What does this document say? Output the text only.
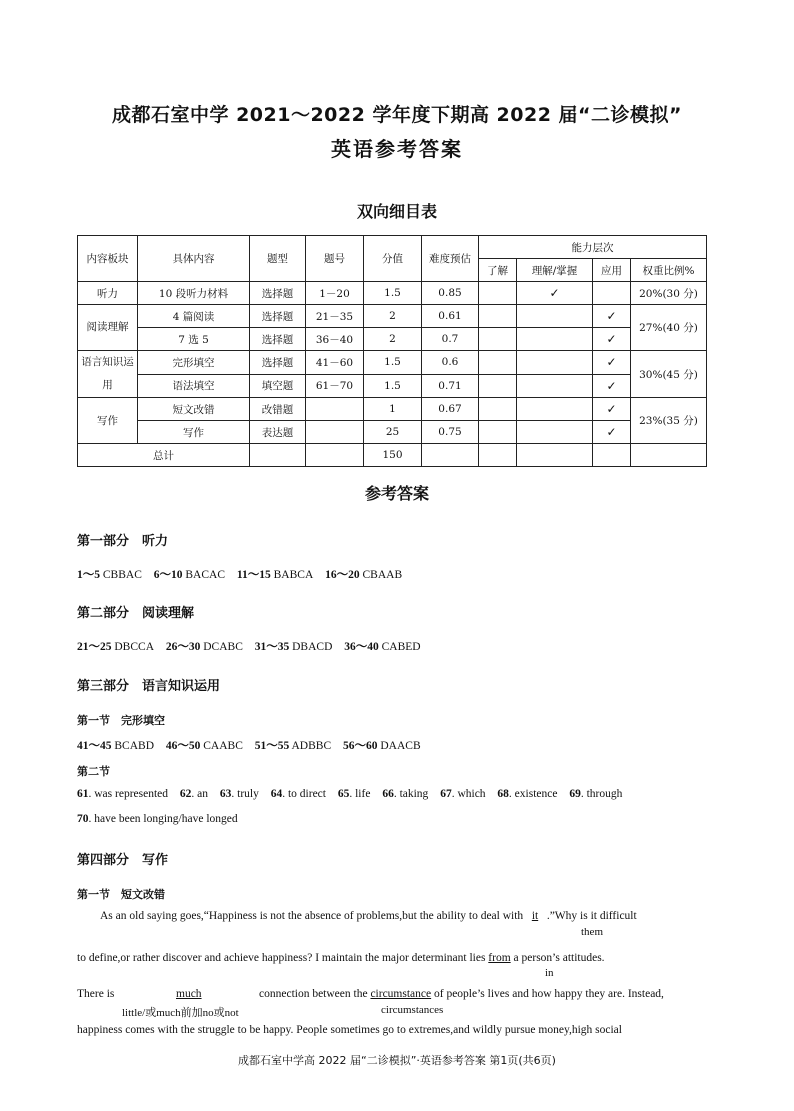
成都石室中学 2021～2022 学年度下期高 2022 届“二诊模拟”
英语参考答案
双向细目表
内容板块	具体内容	题型	题号	分值	难度预估	能力层次			
						了解	理解/掌握	应用	权重比例%
听力	10 段听力材料	选择题	1－20	1.5	0.85		✓		20%(30 分)
阅读理解	4 篇阅读	选择题	21－35	2	0.61			✓	27%(40 分)
	7 选 5	选择题	36－40	2	0.7			✓	
语言知识运用	完形填空	选择题	41－60	1.5	0.6			✓	30%(45 分)
	语法填空	填空题	61－70	1.5	0.71			✓	
写作	短文改错	改错题		1	0.67			✓	23%(35 分)
	写作	表达题		25	0.75			✓	
总计				150					
参考答案
第一部分　听力
1～5 CBBAC 6～10 BACAC 11～15 BABCA 16～20 CBAAB
第二部分　阅读理解
21～25 DBCCA 26～30 DCABC 31～35 DBACD 36～40 CABED
第三部分　语言知识运用
第一节　完形填空
41～45 BCABD 46～50 CAABC 51～55 ADBBC 56～60 DAACB
第二节
61. was represented 62. an 63. truly 64. to direct 65. life 66. taking 67. which 68. existence 69. through
70. have been longing/have longed
第四部分　写作
第一节　短文改错
As an old saying goes,“Happiness is not the absence of problems,but the ability to deal with it .”Why is it difficult
them
to define,or rather discover and achieve happiness? I maintain the major determinant lies from a person’s attitudes.
in
There is	much	connection between the circumstance of people’s lives and how happy they are. Instead,
little/或much前加no或not	circumstances
happiness comes with the struggle to be happy. People sometimes go to extremes,and wildly pursue money,high social
成都石室中学高 2022 届“二诊模拟”·英语参考答案 第1页(共6页)
